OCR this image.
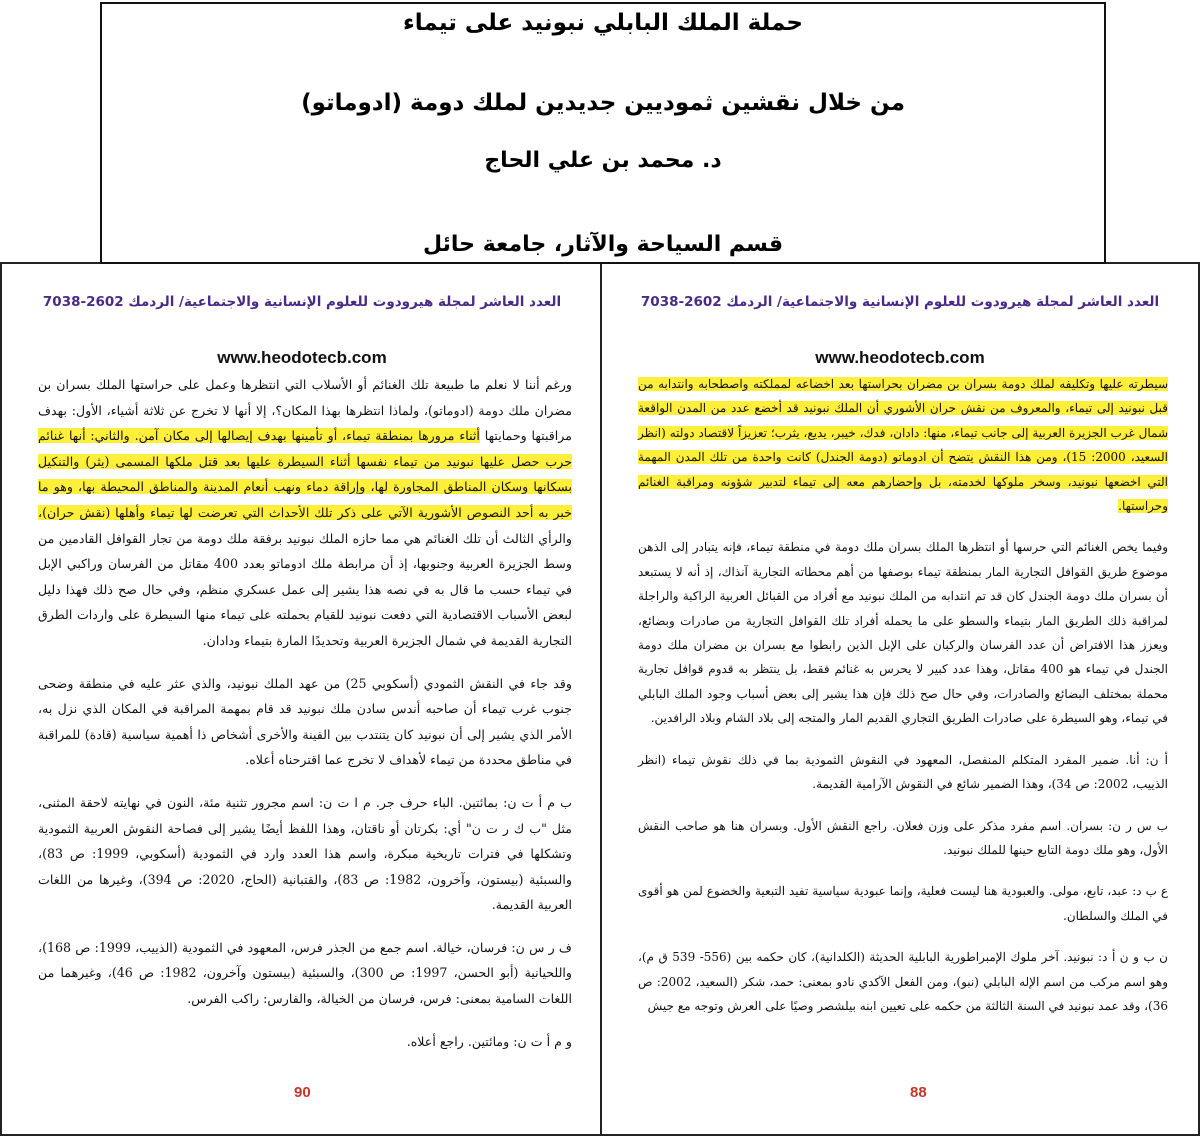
حملة الملك البابلي نبونيد على تيماء
من خلال نقشين ثموديين جديدين لملك دومة (ادوماتو)
د. محمد بن علي الحاج
قسم السياحة والآثار، جامعة حائل
العدد العاشر لمجلة هيرودوت للعلوم الإنسانية والاجتماعية/ الردمك 2602-7038
www.heodotecb.com

ورغم أننا لا نعلم ما طبيعة تلك الغنائم أو الأسلاب التي انتظرها وعمل على حراستها الملك بسران بن مضران ملك دومة (ادوماتو)، ولماذا انتظرها بهذا المكان؟، إلا أنها لا تخرج عن ثلاثة أشياء، الأول: بهدف مراقبتها وحمايتها أثناء مرورها بمنطقة تيماء، أو تأمينها بهدف إيصالها إلى مكان آمن. والثاني: أنها غنائم حرب حصل عليها نبونيد من تيماء نفسها أثناء السيطرة عليها بعد قتل ملكها المسمى (يثر) والتنكيل بسكانها وسكان المناطق المجاورة لها، وإراقة دماء ونهب أنعام المدينة والمناطق المحيطة بها، وهو ما خبر به أحد النصوص الأشورية الآتي على ذكر تلك الأحداث التي تعرضت لها تيماء وأهلها (نقش حران)، والرأي الثالث أن تلك الغنائم هي مما حازه الملك نبونيد برفقة ملك دومة من تجار القوافل القادمين من وسط الجزيرة العربية وجنوبها، إذ أن مرابطة ملك ادوماتو بعدد 400 مقاتل من الفرسان وراكبي الإبل في تيماء حسب ما قال به في نصه هذا يشير إلى عمل عسكري منظم، وفي حال صح ذلك فهذا دليل لبعض الأسباب الاقتصادية التي دفعت نبونيد للقيام بحملته على تيماء منها السيطرة على واردات الطرق التجارية القديمة في شمال الجزيرة العربية وتحديدًا المارة بتيماء ودادان.

وقد جاء في النقش الثمودي (أسكوبي 25) من عهد الملك نبونيد، والذي عثر عليه في منطقة وضحى جنوب غرب تيماء أن صاحبه أندس سادن ملك نبونيد قد قام بمهمة المراقبة في المكان الذي نزل به، الأمر الذي يشير إلى أن نبونيد كان يتنتدب بين الفينة والأخرى أشخاص ذا أهمية سياسية (قادة) للمراقبة في مناطق محددة من تيماء لأهداف لا تخرج عما اقترحناه أعلاه.

ب م أ ت ن: بمائتين. الباء حرف جر. م ا ت ن: اسم مجرور تثنية مئة، النون في نهايته لاحقة المثنى، مثل "ب ك ر ت ن" أي: بكرتان أو ناقتان، وهذا اللفظ أيضًا يشير إلى فصاحة النقوش العربية الثمودية وتشكلها في فترات تاريخية مبكرة، واسم هذا العدد وارد في الثمودية (أسكوبي، 1999: ص 83)، والسبئية (بيستون، وآخرون، 1982: ص 83)، والقتبانية (الحاج، 2020: ص 394)، وغيرها من اللغات العربية القديمة.

ف ر س ن: فرسان، خيالة. اسم جمع من الجذر فرس، المعهود في الثمودية (الذييب، 1999: ص 168)، واللحيانية (أبو الحسن، 1997: ص 300)، والسبئية (بيستون وآخرون، 1982: ص 46)، وغيرهما من اللغات السامية بمعنى: فرس، فرسان من الخيالة، والفارس: راكب الفرس.

و م أ ت ن: ومائتين. راجع أعلاه.

90
العدد العاشر لمجلة هيرودوت للعلوم الإنسانية والاجتماعية/ الردمك 2602-7038
www.heodotecb.com

سيطرته عليها وتكليفه لملك دومة بسران بن مضران بحراستها بعد اخضاعه لمملكته واصطحابه وانتدابه من قبل نبونيد إلى تيماء، والمعروف من نقش حران الأشوري أن الملك نبونيد قد أخضع عدد من المدن الواقعة شمال غرب الجزيرة العربية إلى جانب تيماء، منها: دادان، فدك، خيبر، يديع، يثرب؛ تعزيزاً لاقتصاد دولته (انظر السعيد، 2000: 15)، ومن هذا النقش يتضح أن ادوماتو (دومة الجندل) كانت واحدة من تلك المدن المهمة التي اخضعها نبونيد، وسخر ملوكها لخدمته، بل وإحضارهم معه إلى تيماء لتدبير شؤونه ومراقبة الغنائم وحراستها.

وفيما يخص الغنائم التي حرسها أو انتظرها الملك بسران ملك دومة في منطقة تيماء، فإنه يتبادر إلى الذهن موضوع طريق القوافل التجارية المار بمنطقة تيماء بوصفها من أهم محطاته التجارية آنذاك، إذ أنه لا يستبعد أن بسران ملك دومة الجندل كان قد تم انتدابه من الملك نبونيد مع أفراد من القبائل العربية الراكبة والراجلة لمراقبة ذلك الطريق المار بتيماء والسطو على ما يحمله أفراد تلك القوافل التجارية من صادرات وبضائع، ويعزز هذا الافتراض أن عدد الفرسان والركبان على الإبل الذين رابطوا مع بسران بن مضران ملك دومة الجندل في تيماء هو 400 مقاتل، وهذا عدد كبير لا يحرس به غنائم فقط، بل ينتظر به قدوم قوافل تجارية محملة بمختلف البضائع والصادرات، وفي حال صح ذلك فإن هذا يشير إلى بعض أسباب وجود الملك البابلي في تيماء، وهو السيطرة على صادرات الطريق التجاري القديم المار والمتجه إلى بلاد الشام وبلاد الرافدين.

أ ن: أنا. ضمير المفرد المتكلم المنفصل، المعهود في النقوش الثمودية بما في ذلك نقوش تيماء (انظر الذييب، 2002: ص 34)، وهذا الضمير شائع في النقوش الآرامية القديمة.

ب س ر ن: بسران. اسم مفرد مذكر على وزن فعلان. راجع النقش الأول. وبسران هنا هو صاحب النقش الأول، وهو ملك دومة التابع حينها للملك نبونيد.

ع ب د: عبد، تابع، مولى. والعبودية هنا ليست فعلية، وإنما عبودية سياسية تفيد التبعية والخضوع لمن هو أقوى في الملك والسلطان.

ن ب و ن أ د: نبونيد. آخر ملوك الإمبراطورية البابلية الحديثة (الكلدانية)، كان حكمه بين (556- 539 ق م)، وهو اسم مركب من اسم الإله البابلي (نبو)، ومن الفعل الآكدي نادو بمعنى: حمد، شكر (السعيد، 2002: ص 36)، وقد عمد نبونيد في السنة الثالثة من حكمه على تعيين ابنه بيلشصر وصيًا على العرش وتوجه مع جيش

88
